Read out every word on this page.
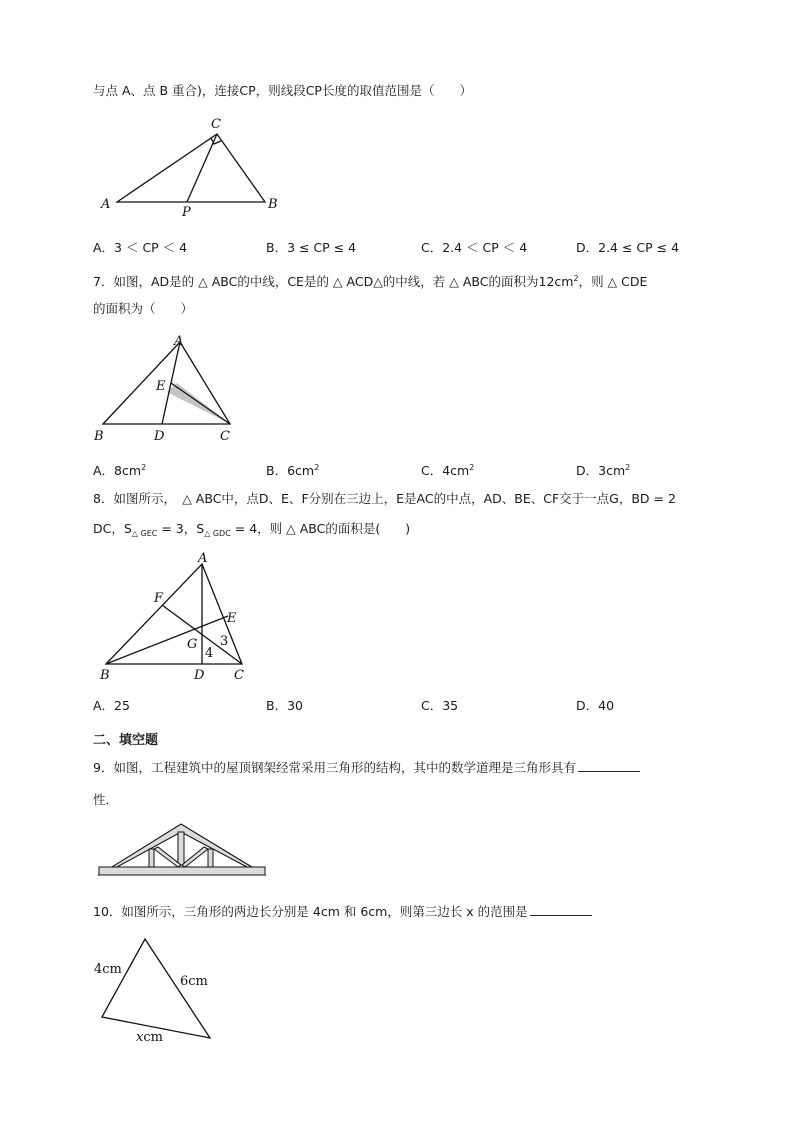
与点 A、点 B 重合)，连接CP，则线段CP长度的取值范围是（　　）
C
A	B
P
A．3 ＜ CP ＜ 4	B．3 ≤ CP ≤ 4	C．2.4 ＜ CP ＜ 4	D．2.4 ≤ CP ≤ 4
7．如图，AD是的 △ ABC的中线，CE是的 △ ACD△的中线，若 △ ABC的面积为$12cm^2$，则 △ CDE
的面积为（　　）
A
E
B	D	C
A．$8cm^2$	B．$6cm^2$	C．$4cm^2$	D．$3cm^2$
8．如图所示，　△ ABC中，点D、E、F分别在三边上，E是AC的中点，AD、BE、CF交于一点G，BD = 2
DC，$S_{\triangle GEC} = 3$，$S_{\triangle GDC} = 4$，则 △ ABC的面积是(　　)
A
F
E
G 3
4
B	D C
A．25	B．30	C．35	D．40
二、填空题
9．如图，工程建筑中的屋顶钢架经常采用三角形的结构，其中的数学道理是三角形具有
性．
10．如图所示，三角形的两边长分别是 4cm 和 6cm，则第三边长 x 的范围是
4cm
6cm
xcm
